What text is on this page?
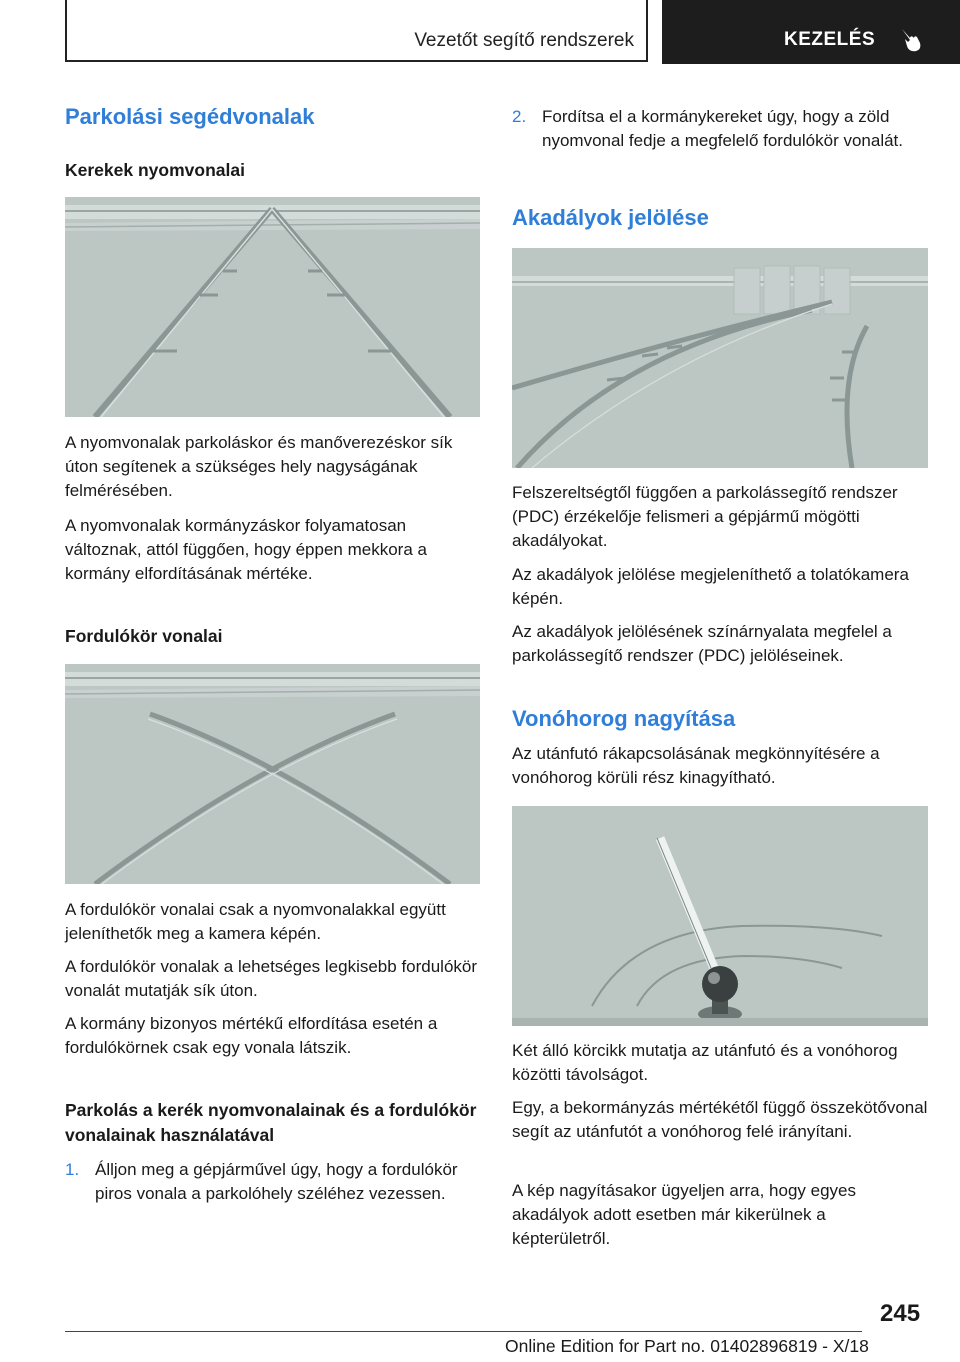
Vezetőt segítő rendszerek	KEZELÉS
Parkolási segédvonalak
Kerekek nyomvonalai

A nyomvonalak parkoláskor és manőverezéskor sík úton segítenek a szükséges hely nagyságának felmérésében.

A nyomvonalak kormányzáskor folyamatosan változnak, attól függően, hogy éppen mekkora a kormány elfordításának mértéke.

Fordulókör vonalai

A fordulókör vonalai csak a nyomvonalakkal együtt jeleníthetők meg a kamera képén.

A fordulókör vonalak a lehetséges legkisebb fordulókör vonalát mutatják sík úton.

A kormány bizonyos mértékű elfordítása esetén a fordulókörnek csak egy vonala látszik.

Parkolás a kerék nyomvonalainak és a fordulókör vonalainak használatával
1. Álljon meg a gépjárművel úgy, hogy a fordulókör piros vonala a parkolóhely széléhez vezessen.
2. Fordítsa el a kormánykereket úgy, hogy a zöld nyomvonal fedje a megfelelő fordulókör vonalát.
Akadályok jelölése

Felszereltségtől függően a parkolássegítő rendszer (PDC) érzékelője felismeri a gépjármű mögötti akadályokat.

Az akadályok jelölése megjeleníthető a tolatókamera képén.

Az akadályok jelölésének színárnyalata megfelel a parkolássegítő rendszer (PDC) jelöléseinek.

Vonóhorog nagyítása

Az utánfutó rákapcsolásának megkönnyítésére a vonóhorog körüli rész kinagyítható.

Két álló körcikk mutatja az utánfutó és a vonóhorog közötti távolságot.

Egy, a bekormányzás mértékétől függő összekötővonal segít az utánfutót a vonóhorog felé irányítani.

A kép nagyításakor ügyeljen arra, hogy egyes akadályok adott esetben már kikerülnek a képterületről.

245
Online Edition for Part no. 01402896819 - X/18
